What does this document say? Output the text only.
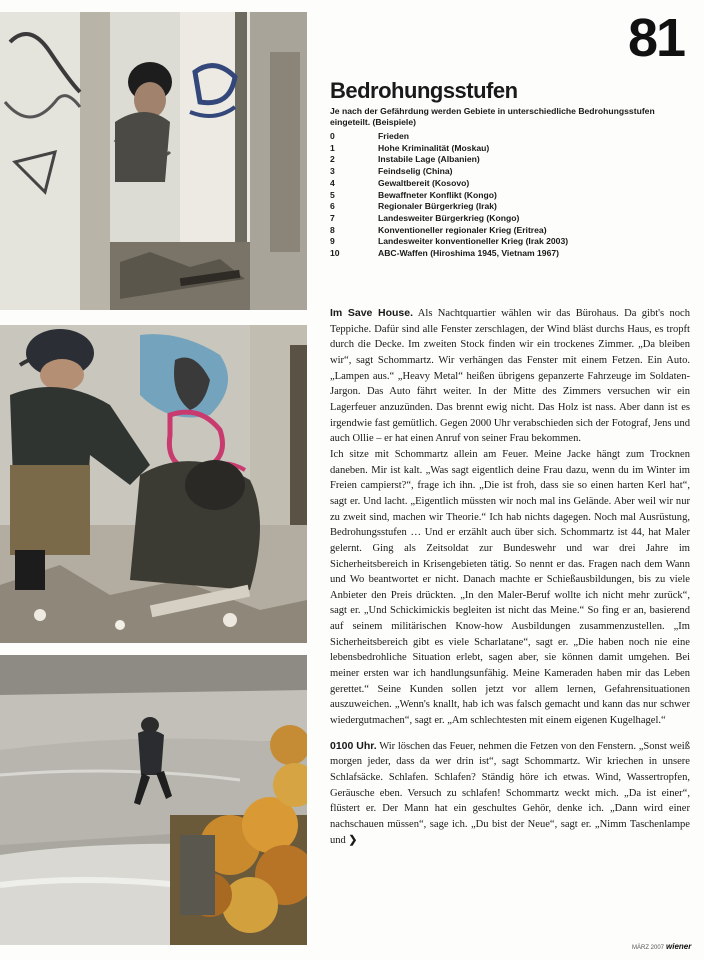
81
Bedrohungsstufen
Je nach der Gefährdung werden Gebiete in unterschiedliche Bedrohungsstufen eingeteilt. (Beispiele)
0	Frieden
1	Hohe Kriminalität (Moskau)
2	Instabile Lage (Albanien)
3	Feindselig (China)
4	Gewaltbereit (Kosovo)
5	Bewaffneter Konflikt (Kongo)
6	Regionaler Bürgerkrieg (Irak)
7	Landesweiter Bürgerkrieg (Kongo)
8	Konventioneller regionaler Krieg (Eritrea)
9	Landesweiter konventioneller Krieg (Irak 2003)
10	ABC-Waffen (Hiroshima 1945, Vietnam 1967)

Im Save House. Als Nachtquartier wählen wir das Bürohaus. Da gibt's noch Teppiche. Dafür sind alle Fenster zerschlagen, der Wind bläst durchs Haus, es tropft durch die Decke. Im zweiten Stock finden wir ein trockenes Zimmer. „Da bleiben wir“, sagt Schommartz. Wir verhängen das Fenster mit einem Fetzen. Ein Auto. „Lampen aus.“ „Heavy Metal“ heißen übrigens gepanzerte Fahrzeuge im Soldaten-Jargon. Das Auto fährt weiter. In der Mitte des Zimmers versuchen wir ein Lagerfeuer anzuzünden. Das brennt ewig nicht. Das Holz ist nass. Aber dann ist es irgendwie fast gemütlich. Gegen 2000 Uhr verabschieden sich der Fotograf, Jens und auch Ollie – er hat einen Anruf von seiner Frau bekommen.

Ich sitze mit Schommartz allein am Feuer. Meine Jacke hängt zum Trocknen daneben. Mir ist kalt. „Was sagt eigentlich deine Frau dazu, wenn du im Winter im Freien campierst?“, frage ich ihn. „Die ist froh, dass sie so einen harten Kerl hat“, sagt er. Und lacht. „Eigentlich müssten wir noch mal ins Gelände. Aber weil wir nur zu zweit sind, machen wir Theorie.“ Ich hab nichts dagegen. Noch mal Ausrüstung, Bedrohungsstufen … Und er erzählt auch über sich. Schommartz ist 44, hat Maler gelernt. Ging als Zeitsoldat zur Bundeswehr und war drei Jahre im Sicherheitsbereich in Krisengebieten tätig. So nennt er das. Fragen nach dem Wann und Wo beantwortet er nicht. Danach machte er Schießausbildungen, bis zu viele Anbieter den Preis drückten. „In den Maler-Beruf wollte ich nicht mehr zurück“, sagt er. „Und Schickimickis begleiten ist nicht das Meine.“ So fing er an, basierend auf seinem militärischen Know-how Ausbildungen zusammenzustellen. „Im Sicherheitsbereich gibt es viele Scharlatane“, sagt er. „Die haben noch nie eine lebensbedrohliche Situation erlebt, sagen aber, sie können damit umgehen. Bei meiner ersten war ich handlungsunfähig. Meine Kameraden haben mir das Leben gerettet.“ Seine Kunden sollen jetzt vor allem lernen, Gefahrensituationen auszuweichen. „Wenn's knallt, hab ich was falsch gemacht und kann das nur schwer wiedergutmachen“, sagt er. „Am schlechtesten mit einem eigenen Kugelhagel.“

0100 Uhr. Wir löschen das Feuer, nehmen die Fetzen von den Fenstern. „Sonst weiß morgen jeder, dass da wer drin ist“, sagt Schommartz. Wir kriechen in unsere Schlafsäcke. Schlafen. Schlafen? Ständig höre ich etwas. Wind, Wassertropfen, Geräusche eben. Versuch zu schlafen! Schommartz weckt mich. „Da ist einer“, flüstert er. Der Mann hat ein geschultes Gehör, denke ich. „Dann wird einer nachschauen müssen“, sage ich. „Du bist der Neue“, sagt er. „Nimm Taschenlampe und ❯

MÄRZ 2007 wiener
